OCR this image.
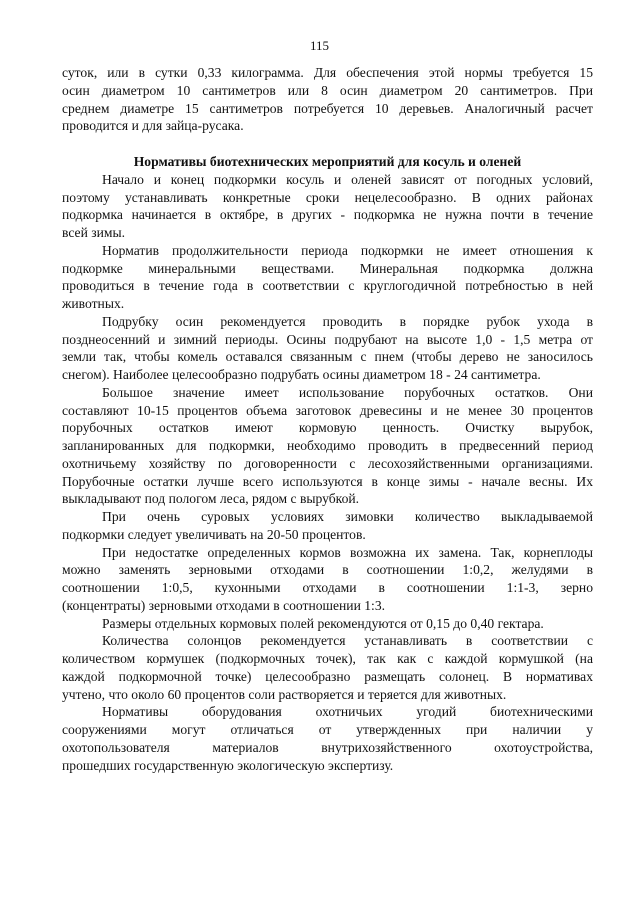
115
суток, или в сутки 0,33 килограмма. Для обеспечения этой нормы требуется 15
осин диаметром 10 сантиметров или 8 осин диаметром 20 сантиметров. При
среднем диаметре 15 сантиметров потребуется 10 деревьев. Аналогичный расчет
проводится и для зайца-русака.
Нормативы биотехнических мероприятий для косуль и оленей
Начало и конец подкормки косуль и оленей зависят от погодных условий,
поэтому устанавливать конкретные сроки нецелесообразно. В одних районах
подкормка начинается в октябре, в других - подкормка не нужна почти в течение
всей зимы.
Норматив продолжительности периода подкормки не имеет отношения к
подкормке минеральными веществами. Минеральная подкормка должна
проводиться в течение года в соответствии с круглогодичной потребностью в ней
животных.
Подрубку осин рекомендуется проводить в порядке рубок ухода в
позднеосенний и зимний периоды. Осины подрубают на высоте 1,0 - 1,5 метра от
земли так, чтобы комель оставался связанным с пнем (чтобы дерево не заносилось
снегом). Наиболее целесообразно подрубать осины диаметром 18 - 24 сантиметра.
Большое значение имеет использование порубочных остатков. Они
составляют 10-15 процентов объема заготовок древесины и не менее 30 процентов
порубочных остатков имеют кормовую ценность. Очистку вырубок,
запланированных для подкормки, необходимо проводить в предвесенний период
охотничьему хозяйству по договоренности с лесохозяйственными организациями.
Порубочные остатки лучше всего используются в конце зимы - начале весны. Их
выкладывают под пологом леса, рядом с вырубкой.
При очень суровых условиях зимовки количество выкладываемой
подкормки следует увеличивать на 20-50 процентов.
При недостатке определенных кормов возможна их замена. Так, корнеплоды
можно заменять зерновыми отходами в соотношении 1:0,2, желудями в
соотношении 1:0,5, кухонными отходами в соотношении 1:1-3, зерно
(концентраты) зерновыми отходами в соотношении 1:3.
Размеры отдельных кормовых полей рекомендуются от 0,15 до 0,40 гектара.
Количества солонцов рекомендуется устанавливать в соответствии с
количеством кормушек (подкормочных точек), так как с каждой кормушкой (на
каждой подкормочной точке) целесообразно размещать солонец. В нормативах
учтено, что около 60 процентов соли растворяется и теряется для животных.
Нормативы оборудования охотничьих угодий биотехническими
сооружениями могут отличаться от утвержденных при наличии у
охотопользователя материалов внутрихозяйственного охотоустройства,
прошедших государственную экологическую экспертизу.
